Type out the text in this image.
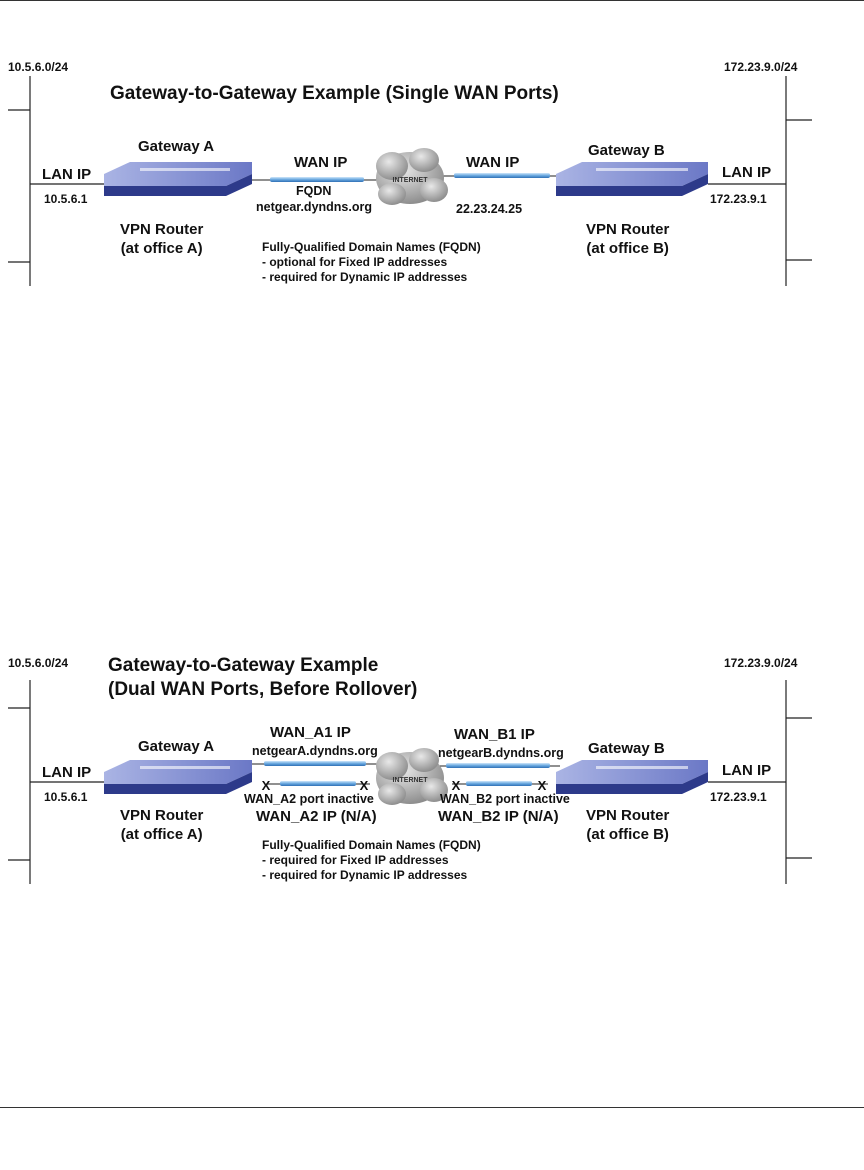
INTERNET
10.5.6.0/24	172.23.9.0/24
Gateway-to-Gateway Example (Single WAN Ports)
Gateway A	Gateway B
LAN IP
10.5.6.1
LAN IP
172.23.9.1
WAN IP
FQDN
netgear.dyndns.org
WAN IP
22.23.24.25
VPN Router
(at office A)
VPN Router
(at office B)
Fully-Qualified Domain Names (FQDN)
- optional for Fixed IP addresses
- required for Dynamic IP addresses
INTERNET
X	X	X	X
10.5.6.0/24	172.23.9.0/24
Gateway-to-Gateway Example
(Dual WAN Ports, Before Rollover)
Gateway A	Gateway B
LAN IP
10.5.6.1
LAN IP
172.23.9.1
WAN_A1 IP
netgearA.dyndns.org
WAN_B1 IP
netgearB.dyndns.org
WAN_A2 port inactive
WAN_A2 IP (N/A)
WAN_B2 port inactive
WAN_B2 IP (N/A)
VPN Router
(at office A)
VPN Router
(at office B)
Fully-Qualified Domain Names (FQDN)
- required for Fixed IP addresses
- required for Dynamic IP addresses
